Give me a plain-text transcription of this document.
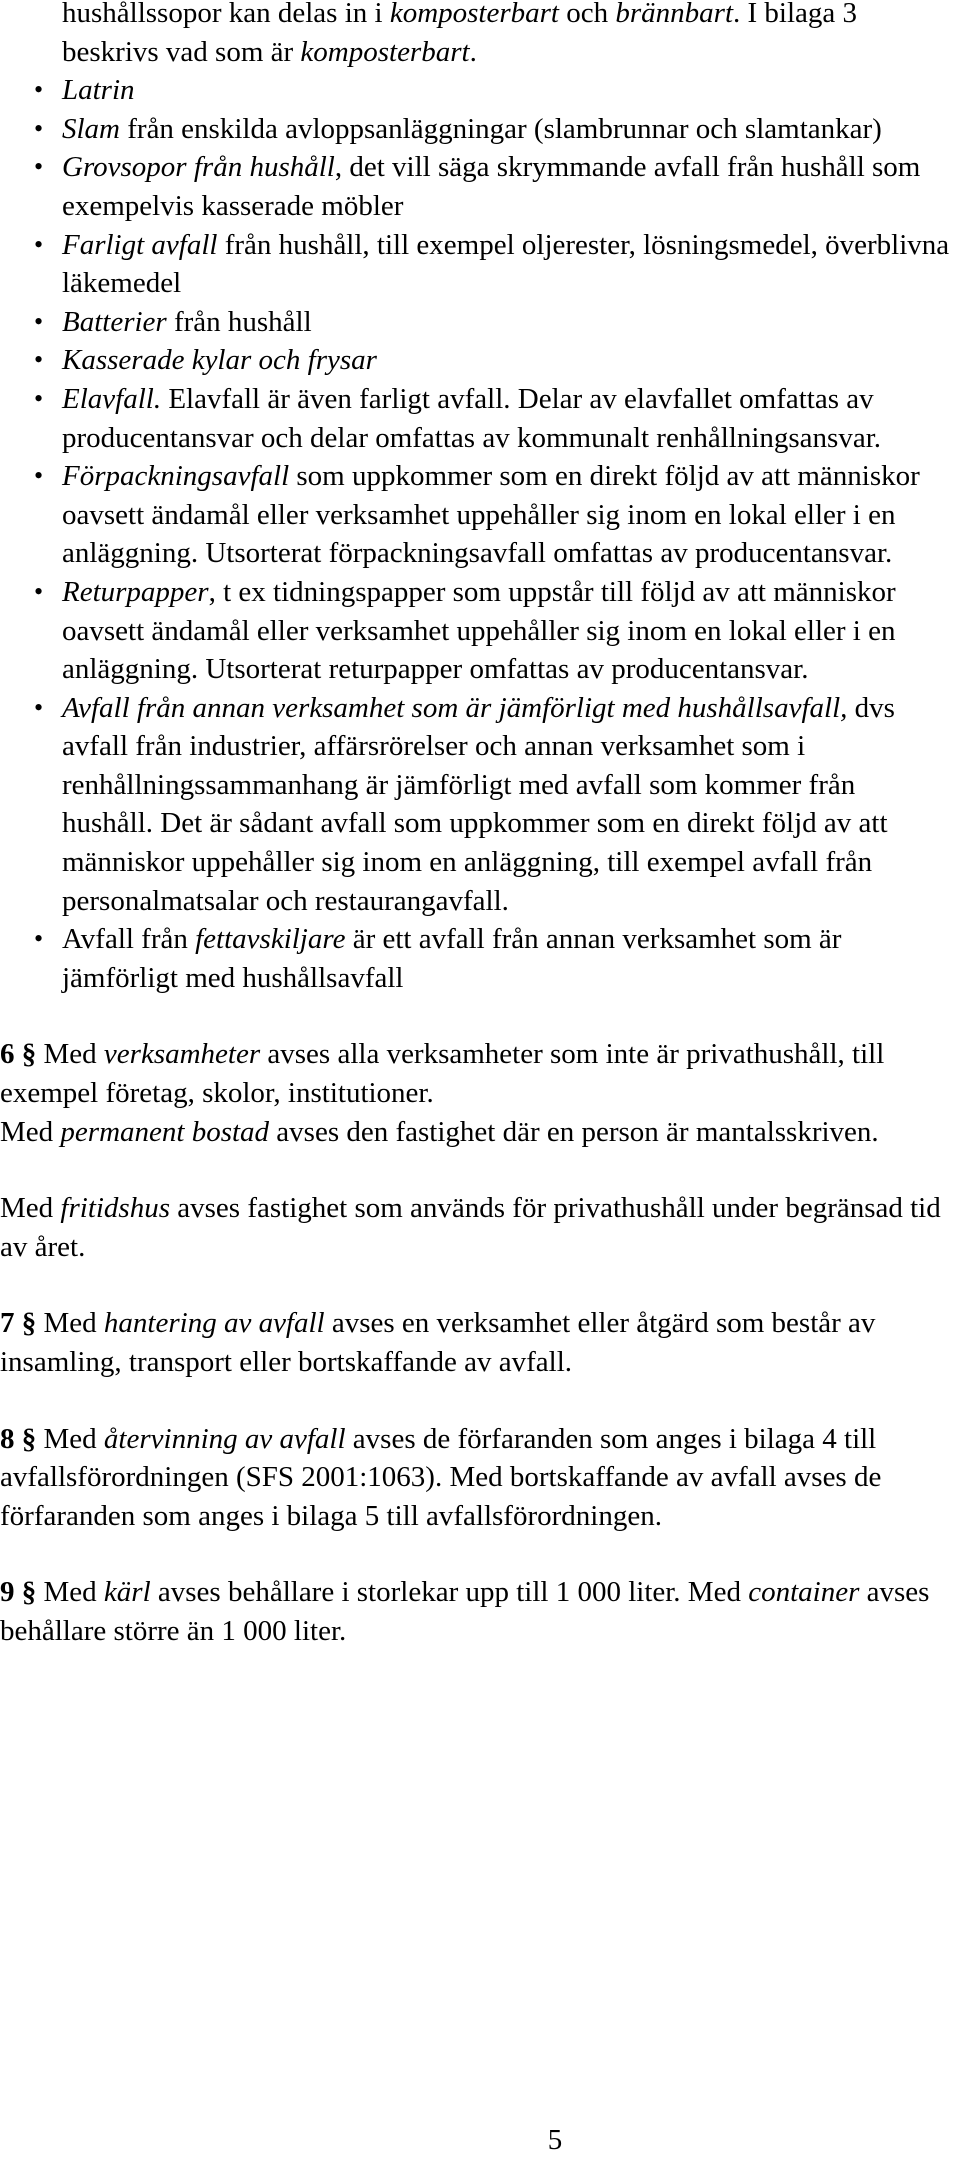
hushållssopor kan delas in i komposterbart och brännbart. I bilaga 3 beskrivs vad som är komposterbart.
• Latrin
• Slam från enskilda avloppsanläggningar (slambrunnar och slamtankar)
• Grovsopor från hushåll, det vill säga skrymmande avfall från hushåll som exempelvis kasserade möbler
• Farligt avfall från hushåll, till exempel oljerester, lösningsmedel, överblivna läkemedel
• Batterier från hushåll
• Kasserade kylar och frysar
• Elavfall. Elavfall är även farligt avfall. Delar av elavfallet omfattas av producentansvar och delar omfattas av kommunalt renhållningsansvar.
• Förpackningsavfall som uppkommer som en direkt följd av att människor oavsett ändamål eller verksamhet uppehåller sig inom en lokal eller i en anläggning. Utsorterat förpackningsavfall omfattas av producentansvar.
• Returpapper, t ex tidningspapper som uppstår till följd av att människor oavsett ändamål eller verksamhet uppehåller sig inom en lokal eller i en anläggning. Utsorterat returpapper omfattas av producentansvar.
• Avfall från annan verksamhet som är jämförligt med hushållsavfall, dvs avfall från industrier, affärsrörelser och annan verksamhet som i renhållningssammanhang är jämförligt med avfall som kommer från hushåll. Det är sådant avfall som uppkommer som en direkt följd av att människor uppehåller sig inom en anläggning, till exempel avfall från personalmatsalar och restaurangavfall.
• Avfall från fettavskiljare är ett avfall från annan verksamhet som är jämförligt med hushållsavfall
6 § Med verksamheter avses alla verksamheter som inte är privathushåll, till exempel företag, skolor, institutioner.
Med permanent bostad avses den fastighet där en person är mantalsskriven.
Med fritidshus avses fastighet som används för privathushåll under begränsad tid av året.
7 § Med hantering av avfall avses en verksamhet eller åtgärd som består av insamling, transport eller bortskaffande av avfall.
8 § Med återvinning av avfall avses de förfaranden som anges i bilaga 4 till avfallsförordningen (SFS 2001:1063). Med bortskaffande av avfall avses de förfaranden som anges i bilaga 5 till avfallsförordningen.
9 § Med kärl avses behållare i storlekar upp till 1 000 liter. Med container avses behållare större än 1 000 liter.
5
